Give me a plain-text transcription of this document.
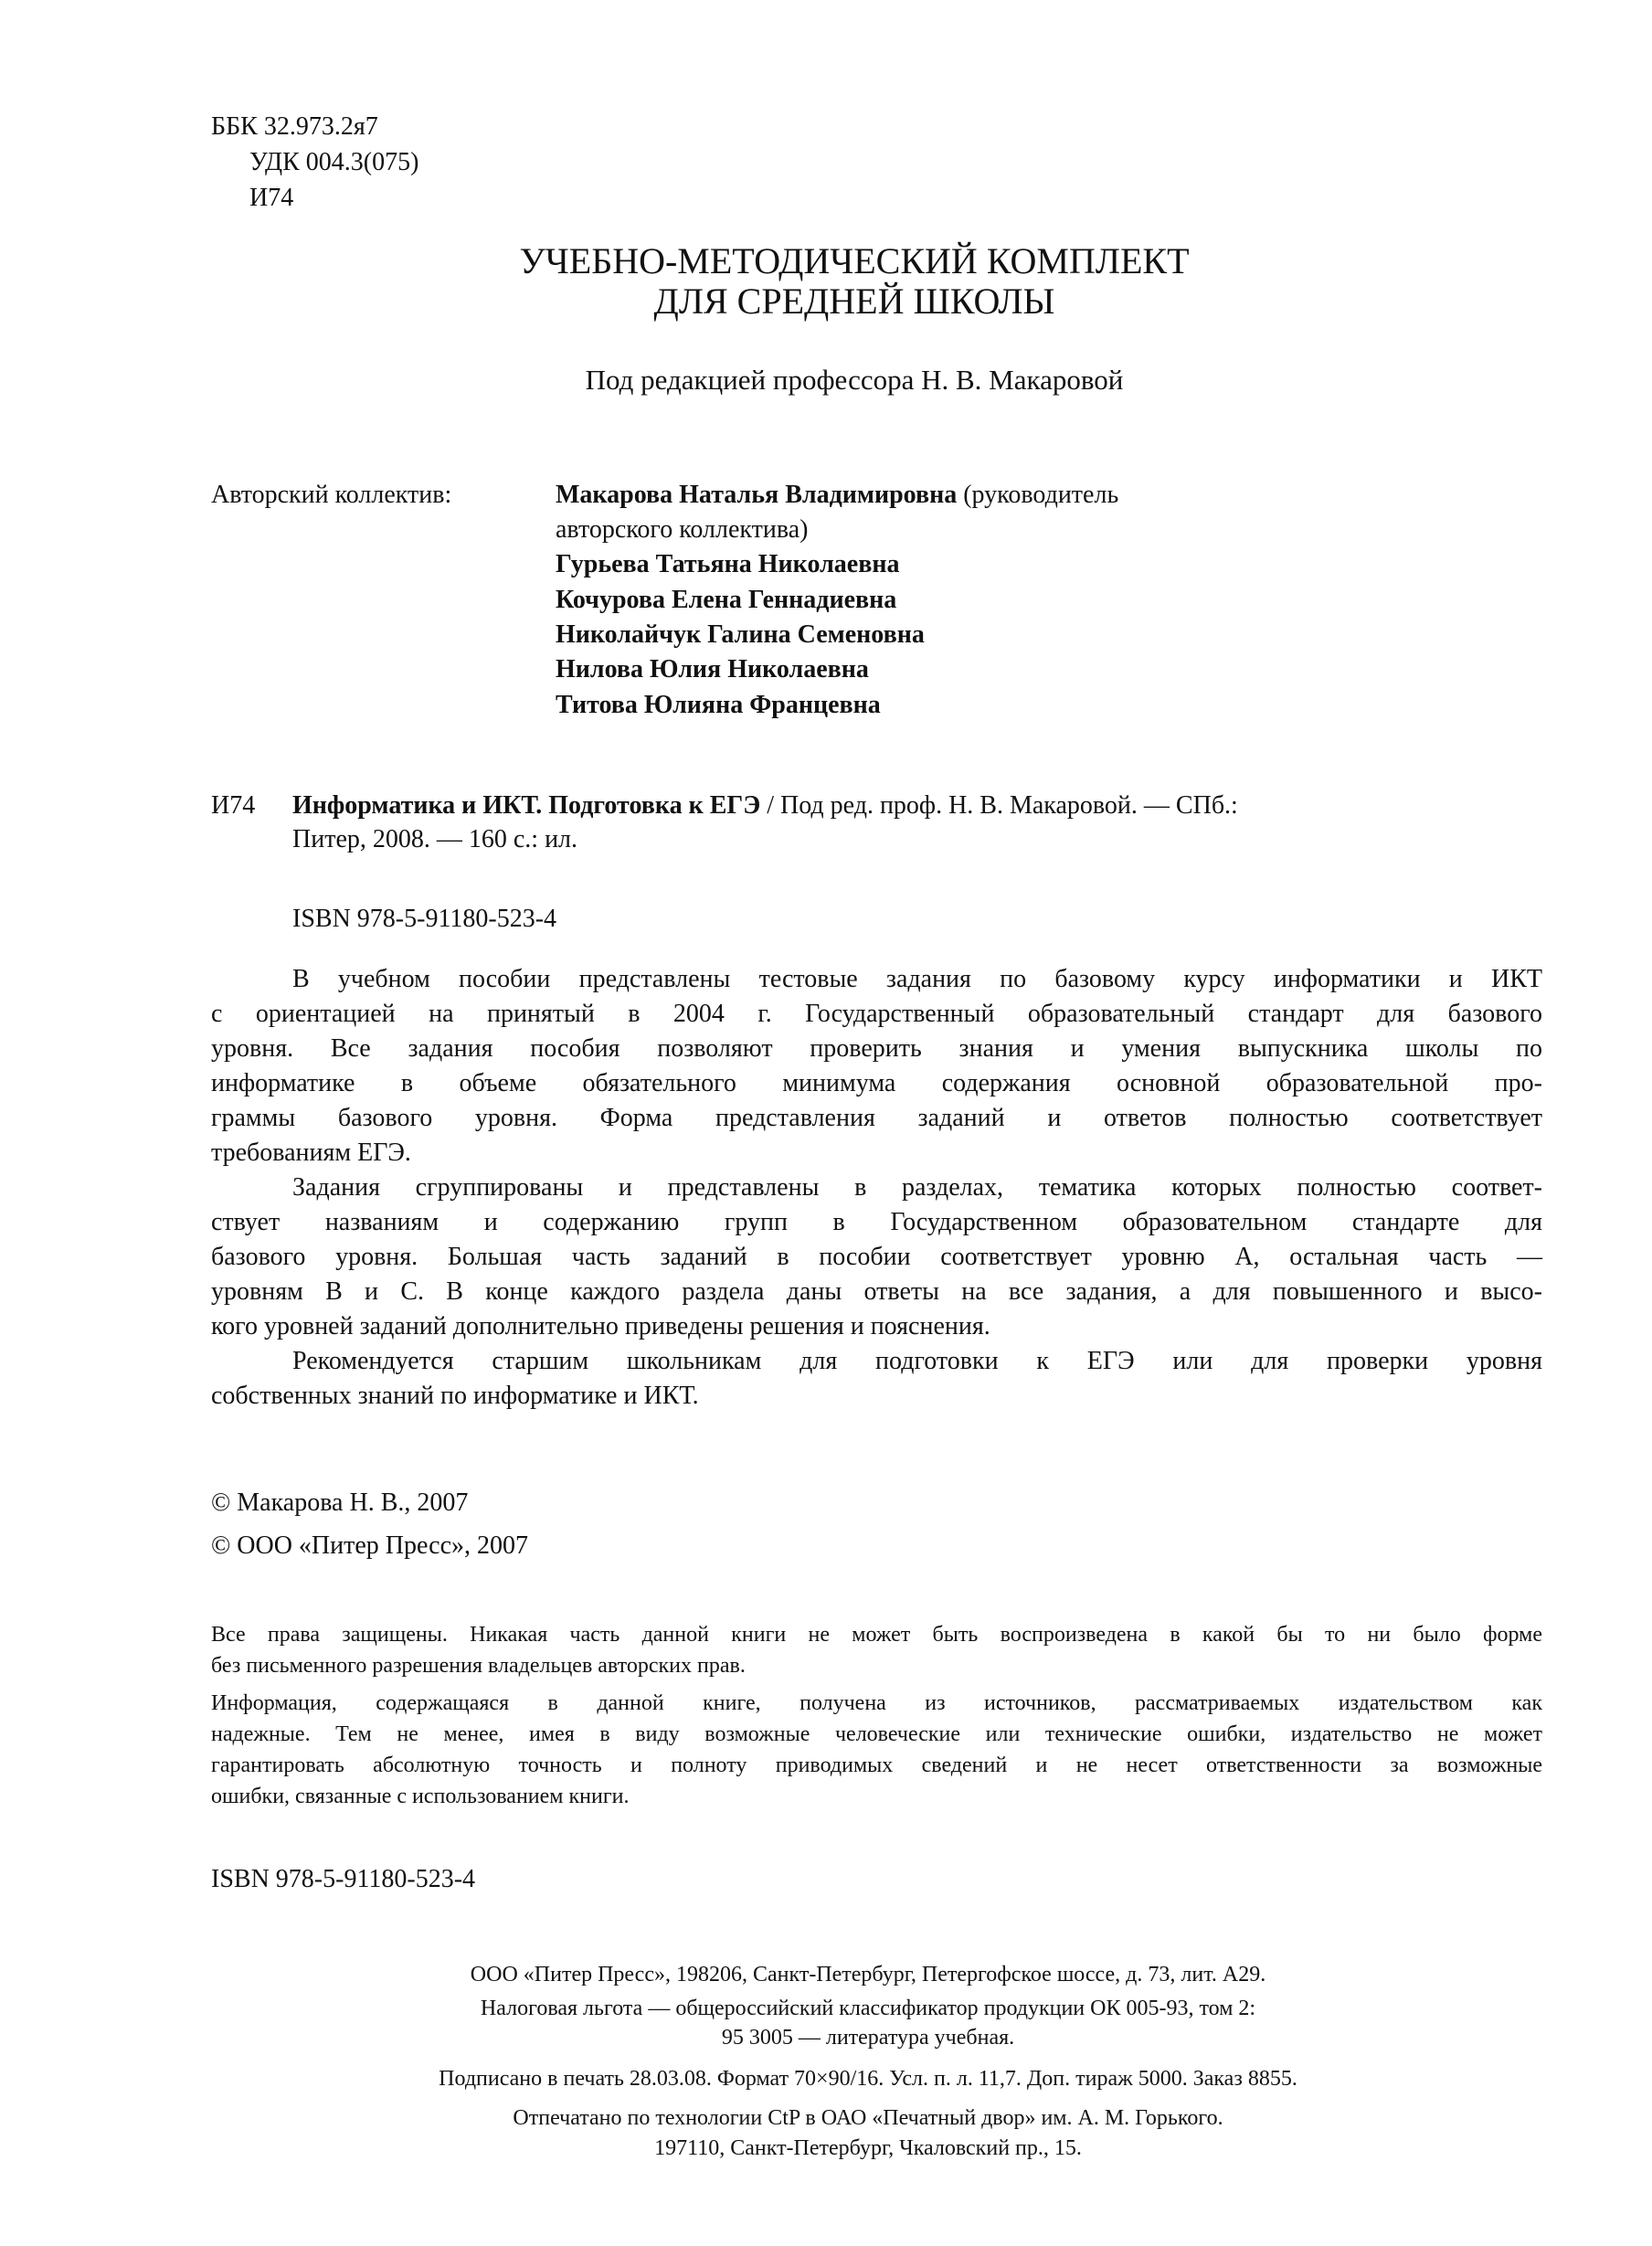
ББК 32.973.2я7
УДК 004.3(075)
И74
УЧЕБНО-МЕТОДИЧЕСКИЙ КОМПЛЕКТ
ДЛЯ СРЕДНЕЙ ШКОЛЫ
Под редакцией профессора Н. В. Макаровой
Авторский коллектив:	Макарова Наталья Владимировна (руководитель
авторского коллектива)
Гурьева Татьяна Николаевна
Кочурова Елена Геннадиевна
Николайчук Галина Семеновна
Нилова Юлия Николаевна
Титова Юлияна Францевна
И74 Информатика и ИКТ. Подготовка к ЕГЭ / Под ред. проф. Н. В. Макаровой. — СПб.:
Питер, 2008. — 160 с.: ил.
ISBN 978-5-91180-523-4
В учебном пособии представлены тестовые задания по базовому курсу информатики и ИКТ
с ориентацией на принятый в 2004 г. Государственный образовательный стандарт для базового
уровня. Все задания пособия позволяют проверить знания и умения выпускника школы по
информатике в объеме обязательного минимума содержания основной образовательной про-
граммы базового уровня. Форма представления заданий и ответов полностью соответствует
требованиям ЕГЭ.
Задания сгруппированы и представлены в разделах, тематика которых полностью соответ-
ствует названиям и содержанию групп в Государственном образовательном стандарте для
базового уровня. Большая часть заданий в пособии соответствует уровню А, остальная часть —
уровням В и С. В конце каждого раздела даны ответы на все задания, а для повышенного и высо-
кого уровней заданий дополнительно приведены решения и пояснения.
Рекомендуется старшим школьникам для подготовки к ЕГЭ или для проверки уровня
собственных знаний по информатике и ИКТ.
© Макарова Н. В., 2007
© ООО «Питер Пресс», 2007
Все права защищены. Никакая часть данной книги не может быть воспроизведена в какой бы то ни было форме
без письменного разрешения владельцев авторских прав.
Информация, содержащаяся в данной книге, получена из источников, рассматриваемых издательством как
надежные. Тем не менее, имея в виду возможные человеческие или технические ошибки, издательство не может
гарантировать абсолютную точность и полноту приводимых сведений и не несет ответственности за возможные
ошибки, связанные с использованием книги.
ISBN 978-5-91180-523-4
ООО «Питер Пресс», 198206, Санкт-Петербург, Петергофское шоссе, д. 73, лит. А29.
Налоговая льгота — общероссийский классификатор продукции ОК 005-93, том 2:
95 3005 — литература учебная.
Подписано в печать 28.03.08. Формат 70×90/16. Усл. п. л. 11,7. Доп. тираж 5000. Заказ 8855.
Отпечатано по технологии CtP в ОАО «Печатный двор» им. А. М. Горького.
197110, Санкт-Петербург, Чкаловский пр., 15.
